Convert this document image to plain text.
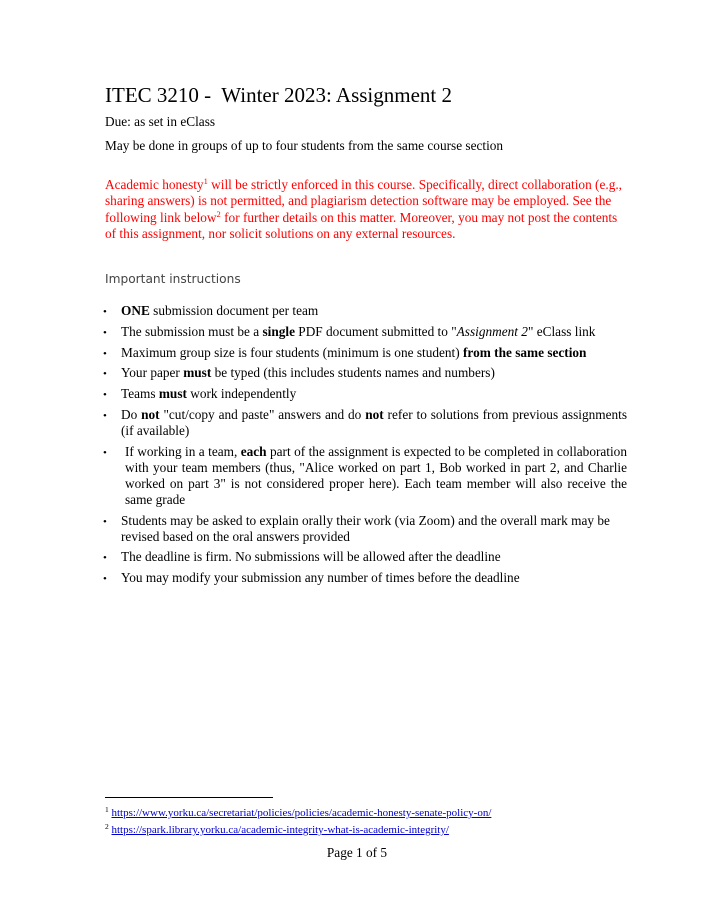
ITEC 3210 -  Winter 2023: Assignment 2
Due: as set in eClass
May be done in groups of up to four students from the same course section
Academic honesty$^1$ will be strictly enforced in this course. Specifically, direct collaboration (e.g., sharing answers) is not permitted, and plagiarism detection software may be employed. See the following link below$^2$ for further details on this matter. Moreover, you may not post the contents of this assignment, nor solicit solutions on any external resources.
Important instructions
• ONE submission document per team
• The submission must be a single PDF document submitted to "Assignment 2" eClass link
• Maximum group size is four students (minimum is one student) from the same section
• Your paper must be typed (this includes students names and numbers)
• Teams must work independently
• Do not "cut/copy and paste" answers and do not refer to solutions from previous assignments (if available)
•	If working in a team, each part of the assignment is expected to be completed in collaboration with your team members (thus, "Alice worked on part 1, Bob worked in part 2, and Charlie worked on part 3" is not considered proper here). Each team member will also receive the same grade
• Students may be asked to explain orally their work (via Zoom) and the overall mark may be revised based on the oral answers provided
• The deadline is firm. No submissions will be allowed after the deadline
• You may modify your submission any number of times before the deadline
$^1$ https://www.yorku.ca/secretariat/policies/policies/academic-honesty-senate-policy-on/
$^2$ https://spark.library.yorku.ca/academic-integrity-what-is-academic-integrity/
Page 1 of 5
